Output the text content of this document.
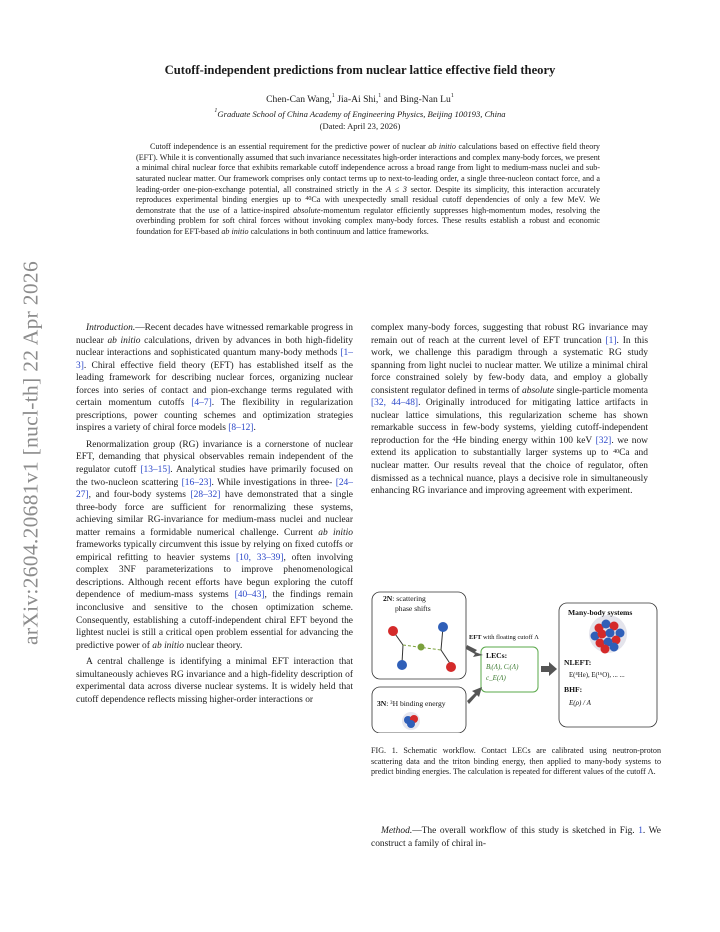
arXiv:2604.20681v1 [nucl-th] 22 Apr 2026
Cutoff-independent predictions from nuclear lattice effective field theory
Chen-Can Wang,$^1$ Jia-Ai Shi,$^1$ and Bing-Nan Lu$^1$
$^1$Graduate School of China Academy of Engineering Physics, Beijing 100193, China
(Dated: April 23, 2026)
Cutoff independence is an essential requirement for the predictive power of nuclear ab initio calculations based on effective field theory (EFT). While it is conventionally assumed that such invariance necessitates high-order interactions and complex many-body forces, we present a minimal chiral nuclear force that exhibits remarkable cutoff independence across a broad range from light to medium-mass nuclei and sub-saturated nuclear matter. Our framework comprises only contact terms up to next-to-leading order, a single three-nucleon contact force, and a leading-order one-pion-exchange potential, all constrained strictly in the A ≤ 3 sector. Despite its simplicity, this interaction accurately reproduces experimental binding energies up to $^{40}$Ca with unexpectedly small residual cutoff dependencies of only a few MeV. We demonstrate that the use of a lattice-inspired absolute-momentum regulator efficiently suppresses high-momentum modes, resolving the overbinding problem for soft chiral forces without invoking complex many-body forces. These results establish a robust and economic foundation for EFT-based ab initio calculations in both continuum and lattice frameworks.

Introduction.—Recent decades have witnessed remarkable progress in nuclear ab initio calculations, driven by advances in both high-fidelity nuclear interactions and sophisticated quantum many-body methods [1–3]. Chiral effective field theory (EFT) has established itself as the leading framework for describing nuclear forces, organizing nuclear forces into series of contact and pion-exchange terms regulated with certain momentum cutoffs [4–7]. The flexibility in regularization prescriptions, power counting schemes and optimization strategies inspires a variety of chiral force models [8–12].

Renormalization group (RG) invariance is a cornerstone of nuclear EFT, demanding that physical observables remain independent of the regulator cutoff [13–15]. Analytical studies have primarily focused on the two-nucleon scattering [16–23]. While investigations in three- [24–27], and four-body systems [28–32] have demonstrated that a single three-body force are sufficient for renormalizing these systems, achieving similar RG-invariance for medium-mass nuclei and nuclear matter remains a formidable numerical challenge. Current ab initio frameworks typically circumvent this issue by relying on fixed cutoffs or empirical refitting to heavier systems [10, 33–39], often involving complex 3NF parameterizations to improve phenomenological descriptions. Although recent efforts have begun exploring the cutoff dependence of medium-mass systems [40–43], the findings remain inconclusive and sensitive to the chosen optimization scheme. Consequently, establishing a cutoff-independent chiral EFT beyond the lightest nuclei is still a critical open problem essential for advancing the predictive power of ab initio nuclear theory.

A central challenge is identifying a minimal EFT interaction that simultaneously achieves RG invariance and a high-fidelity description of experimental data across diverse nuclear systems. It is widely held that cutoff dependence reflects missing higher-order interactions or

complex many-body forces, suggesting that robust RG invariance may remain out of reach at the current level of EFT truncation [1]. In this work, we challenge this paradigm through a systematic RG study spanning from light nuclei to nuclear matter. We utilize a minimal chiral force constrained solely by few-body data, and employ a globally consistent regulator defined in terms of absolute single-particle momenta [32, 44–48]. Originally introduced for mitigating lattice artifacts in nuclear lattice simulations, this regularization scheme has shown remarkable success in few-body systems, yielding cutoff-independent reproduction for the $^4$He binding energy within 100 keV [32]. we now extend its application to substantially larger systems up to $^{40}$Ca and nuclear matter. Our results reveal that the choice of regulator, often dismissed as a technical nuance, plays a decisive role in simultaneously enhancing RG invariance and improving agreement with experiment.

2N: scattering
phase shifts
3N: ³H binding energy
EFT with floating cutoff Λ
LECs:
Bᵢ(Λ), Cᵢ(Λ)
c_E(Λ)
Many-body systems
NLEFT:
E(⁴He), E(¹⁶O), ... ...
BHF:
E(ρ) / A
FIG. 1. Schematic workflow. Contact LECs are calibrated using neutron-proton scattering data and the triton binding energy, then applied to many-body systems to predict binding energies. The calculation is repeated for different values of the cutoff Λ.
Method.—The overall workflow of this study is sketched in Fig. 1. We construct a family of chiral in-
